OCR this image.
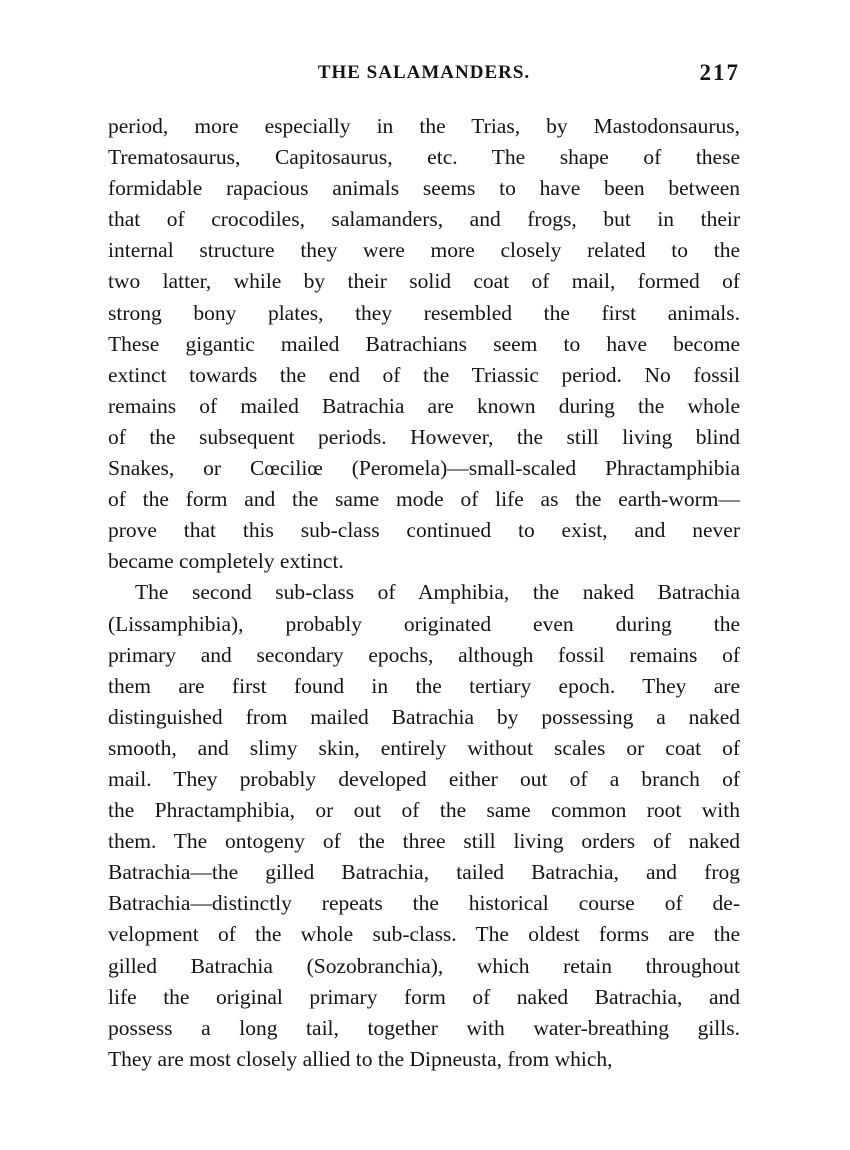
THE SALAMANDERS.	217
period, more especially in the Trias, by Mastodonsaurus,
Trematosaurus, Capitosaurus, etc. The shape of these
formidable rapacious animals seems to have been between
that of crocodiles, salamanders, and frogs, but in their
internal structure they were more closely related to the
two latter, while by their solid coat of mail, formed of
strong bony plates, they resembled the first animals.
These gigantic mailed Batrachians seem to have become
extinct towards the end of the Triassic period. No fossil
remains of mailed Batrachia are known during the whole
of the subsequent periods. However, the still living blind
Snakes, or Cœciliœ (Peromela)—small-scaled Phractamphibia
of the form and the same mode of life as the earth-worm—
prove that this sub-class continued to exist, and never
became completely extinct.
The second sub-class of Amphibia, the naked Batrachia
(Lissamphibia), probably originated even during the
primary and secondary epochs, although fossil remains of
them are first found in the tertiary epoch. They are
distinguished from mailed Batrachia by possessing a naked
smooth, and slimy skin, entirely without scales or coat of
mail. They probably developed either out of a branch of
the Phractamphibia, or out of the same common root with
them. The ontogeny of the three still living orders of naked
Batrachia—the gilled Batrachia, tailed Batrachia, and frog
Batrachia—distinctly repeats the historical course of de-
velopment of the whole sub-class. The oldest forms are the
gilled Batrachia (Sozobranchia), which retain throughout
life the original primary form of naked Batrachia, and
possess a long tail, together with water-breathing gills.
They are most closely allied to the Dipneusta, from which,
